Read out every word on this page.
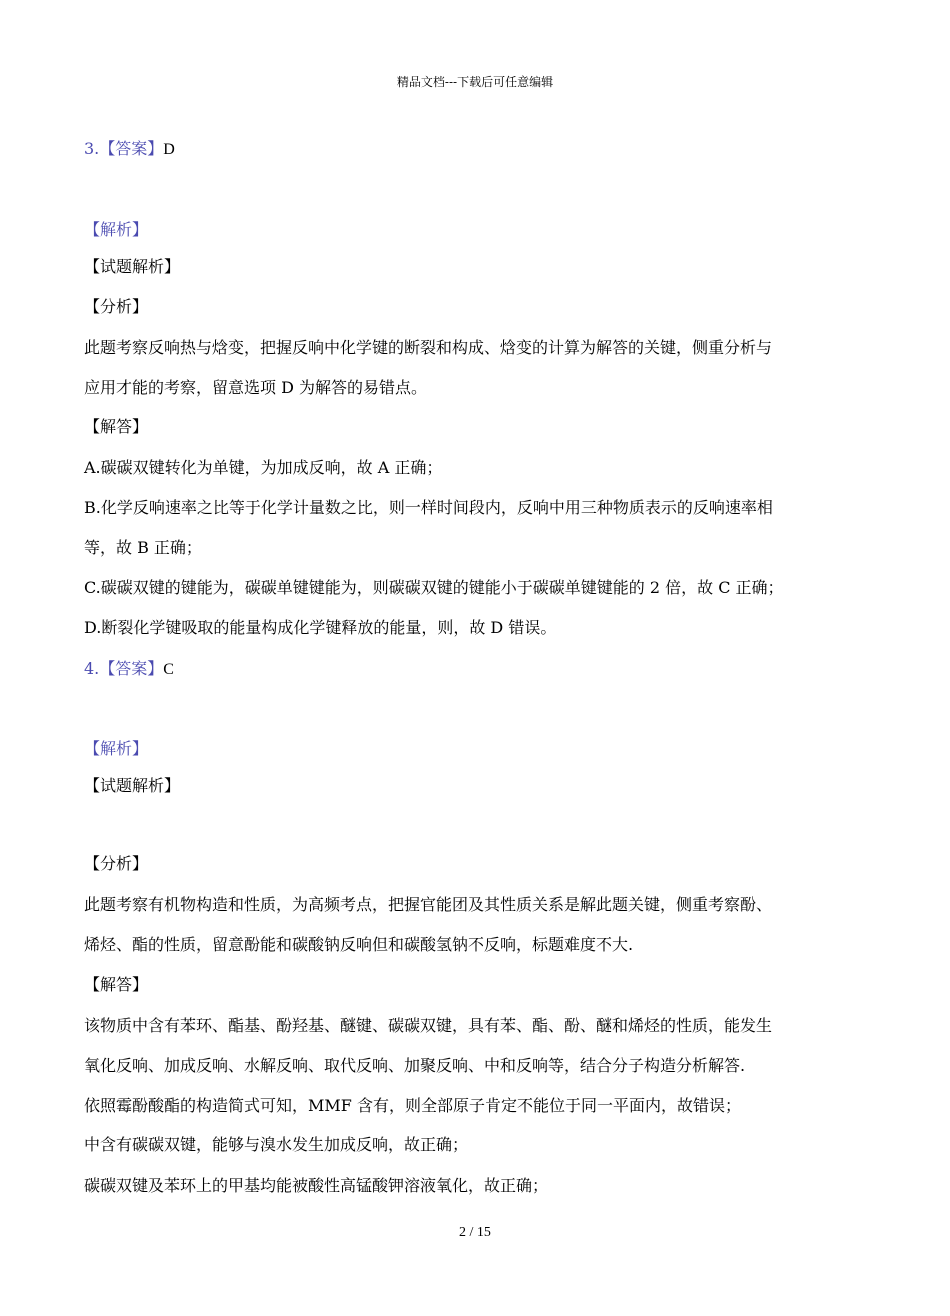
精品文档---下载后可任意编辑
3.【答案】D
【解析】
【试题解析】
【分析】
此题考察反响热与焓变，把握反响中化学键的断裂和构成、焓变的计算为解答的关键，侧重分析与
应用才能的考察，留意选项 D 为解答的易错点。
【解答】
A.碳碳双键转化为单键，为加成反响，故 A 正确；
B.化学反响速率之比等于化学计量数之比，则一样时间段内，反响中用三种物质表示的反响速率相
等，故 B 正确；
C.碳碳双键的键能为，碳碳单键键能为，则碳碳双键的键能小于碳碳单键键能的 2 倍，故 C 正确；
D.断裂化学键吸取的能量构成化学键释放的能量，则，故 D 错误。
4.【答案】C
【解析】
【试题解析】
【分析】
此题考察有机物构造和性质，为高频考点，把握官能团及其性质关系是解此题关键，侧重考察酚、
烯烃、酯的性质，留意酚能和碳酸钠反响但和碳酸氢钠不反响，标题难度不大.
【解答】
该物质中含有苯环、酯基、酚羟基、醚键、碳碳双键，具有苯、酯、酚、醚和烯烃的性质，能发生
氧化反响、加成反响、水解反响、取代反响、加聚反响、中和反响等，结合分子构造分析解答.
依照霉酚酸酯的构造简式可知，MMF 含有，则全部原子肯定不能位于同一平面内，故错误；
中含有碳碳双键，能够与溴水发生加成反响，故正确；
碳碳双键及苯环上的甲基均能被酸性高锰酸钾溶液氧化，故正确；
2 / 15
